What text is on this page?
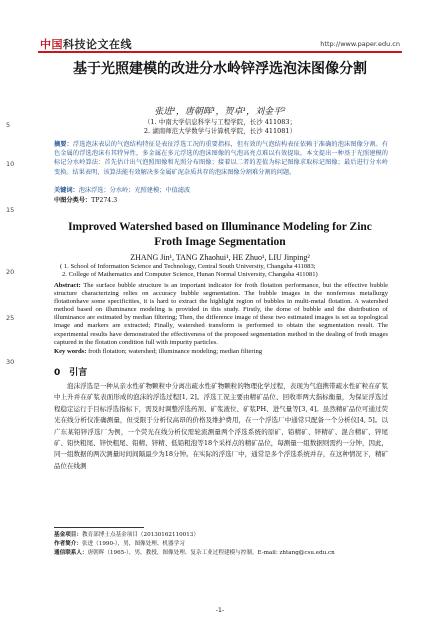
中国科技论文在线	http://www.paper.edu.cn
5
10
15
20
25
30
基于光照建模的改进分水岭锌浮选泡沫图像分割
张进¹，唐朝晖¹，贺卓¹，刘金平²
（1. 中南大学信息科学与工程学院，长沙 411083；
2. 湖南师范大学数学与计算机学院，长沙 411081）
摘要：浮选泡沫表层的气泡结构特征是表征浮选工况的重要指标，但有效的气泡结构表征依赖于准确的泡沫图像分割。有色金属的浮选泡沫有其特异性，多金属在多元浮选的泡沫图像的气泡高亮点难以有效提取。本文提出一种基于光照建模的标记分水岭算法：首先估计出气泡照图像和光照分布图像；接着以二者的差值为标记图像求取标记图像；最后进行分水岭变换。结果表明，该算法能有效解决多金属矿泥杂质共存的泡沫图像分割难分割的问题。
关键词：泡沫浮选；分水岭；光照建模；中值滤波
中图分类号：TP274.3
Improved Watershed based on Illuminance Modeling for Zinc Froth Image Segmentation
ZHANG Jin¹, TANG Zhaohui¹, HE Zhuo¹, LIU Jinping²
( 1. School of Information Science and Technology, Central South University, Changsha 411083;
2. College of Mathematics and Computer Science, Hunan Normal University, Changsha 411081)
Abstract: The surface bubble structure is an important indicator for froth flotation performance, but the effective bubble structure characterizing relies on accuracy bubble segmentation. The bubble images in the nonferrous metallurgy flotationhave some specificities, it is hard to extract the highlight region of bubbles in multi-metal flotation. A watershed method based on illuminance modeling is provided in this study. Firstly, the dome of bubble and the distribution of illuminance are estimated by median filtering; Then, the difference image of these two estimated images is set as topological image and markers are extracted; Finally, watershed transform is performed to obtain the segmentation result. The experimental results have demonstrated the effectiveness of the proposed segmentation method in the dealing of froth images captured in the flotation condition full with impurity particles.
Key words: froth flotation; watershed; illuminance modeling; median filtering
0　引言
泡沫浮选是一种从亲水性矿物颗粒中分离出疏水性矿物颗粒的物理化学过程，表现为气泡携带疏水性矿粒在矿浆中上升并在矿浆表面形成的泡沫的浮选过程[1, 2]。浮选工况主要由精矿品位、回收率两大指标衡量，为保证浮选过程稳定运行于目标浮选指标下，需及时调整浮选药剂、矿浆液位、矿浆PH、进气量等[3, 4]。虽然精矿品位可通过荧光在线分析仪准确测量，但受限于分析仪高昂的价格及维护费用，在一个浮选厂中通常只配备一个分析仪[4, 5]。以广东某铅锌浮选厂为例，一个荧光在线分析仪需轮流测量两个浮选系统的原矿、铅精矿、锌精矿、混合精矿、锌尾矿、铅快粗尾、锌快粗尾、铅精、锌精、低铅粗泡等18个采样点的精矿品位，每测量一组数据则需约一分钟，因此，同一组数据的两次测量时间间隔最少为18分钟。在实际的浮选厂中，通常是多个浮选系统并存，在这种情况下，精矿品位在线测
基金项目：教育部博士点基金项目（20130162110013）
作者简介：张进（1990-），男，图像处理、机器学习
通信联系人：唐朝晖（1965-），男，教授，图像处理、复杂工业过程建模与控制。E-mail: zhtang@csu.edu.cn
-1-
